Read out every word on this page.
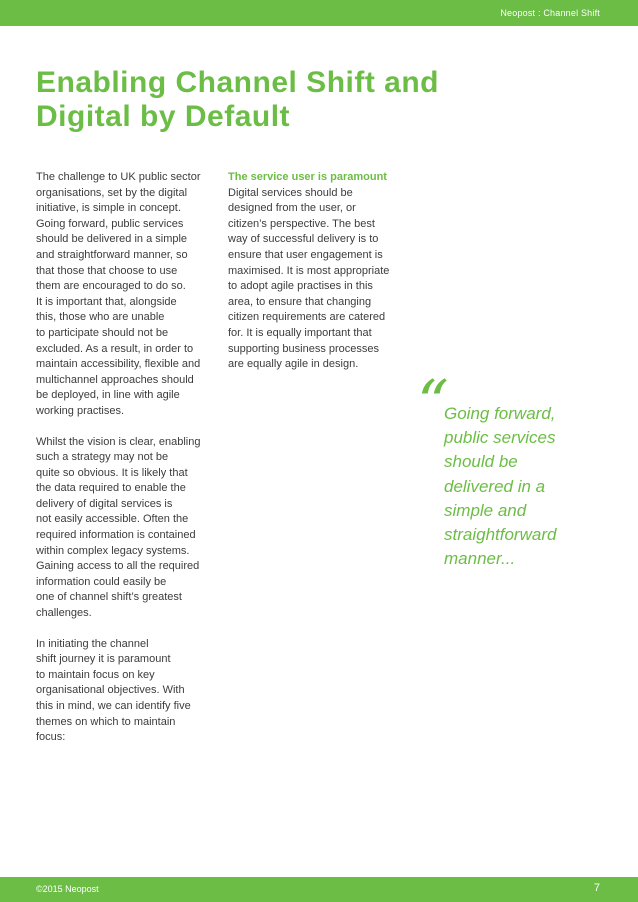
Neopost : Channel Shift
Enabling Channel Shift and
Digital by Default

The challenge to UK public sector
organisations, set by the digital
initiative, is simple in concept.
Going forward, public services
should be delivered in a simple
and straightforward manner, so
that those that choose to use
them are encouraged to do so.
It is important that, alongside
this, those who are unable
to participate should not be
excluded. As a result, in order to
maintain accessibility, flexible and
multichannel approaches should
be deployed, in line with agile
working practises.

Whilst the vision is clear, enabling
such a strategy may not be
quite so obvious. It is likely that
the data required to enable the
delivery of digital services is
not easily accessible. Often the
required information is contained
within complex legacy systems.
Gaining access to all the required
information could easily be
one of channel shift’s greatest
challenges.

In initiating the channel
shift journey it is paramount
to maintain focus on key
organisational objectives. With
this in mind, we can identify five
themes on which to maintain
focus:

The service user is paramount
Digital services should be
designed from the user, or
citizen’s perspective. The best
way of successful delivery is to
ensure that user engagement is
maximised. It is most appropriate
to adopt agile practises in this
area, to ensure that changing
citizen requirements are catered
for. It is equally important that
supporting business processes
are equally agile in design.
“

Going forward,
public services
should be
delivered in a
simple and
straightforward
manner...

©2015 Neopost	7
